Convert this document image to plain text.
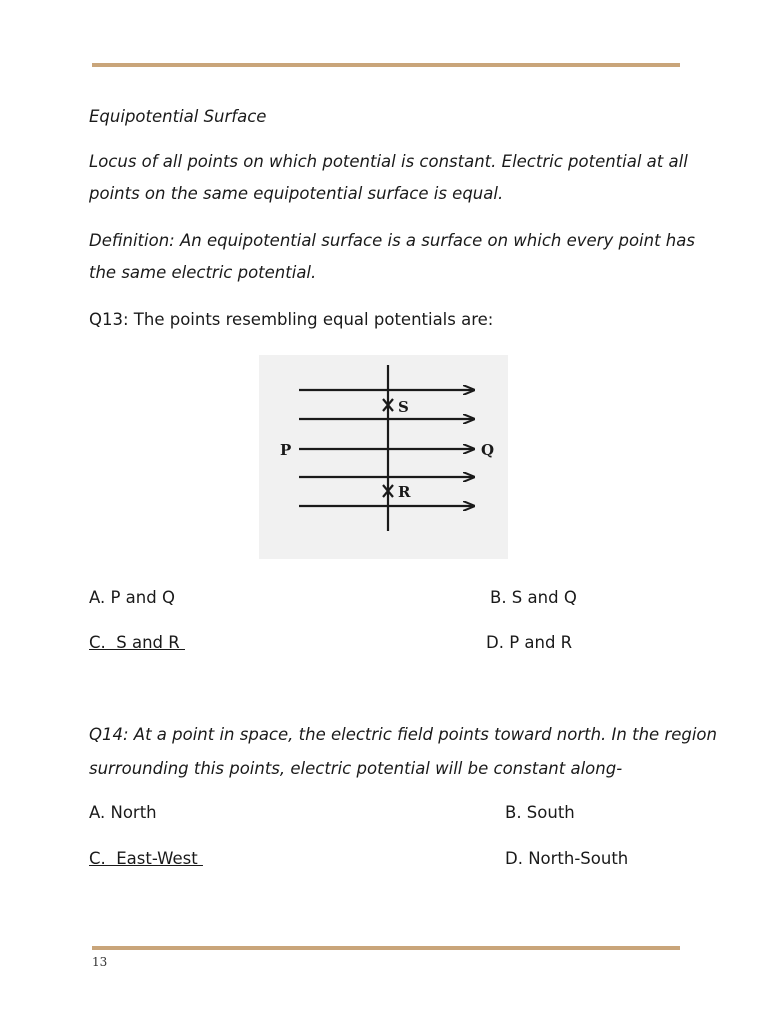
Equipotential Surface

Locus of all points on which potential is constant. Electric potential at all

points on the same equipotential surface is equal.

Definition: An equipotential surface is a surface on which every point has

the same electric potential.

Q13: The points resembling equal potentials are:

S
R
P	Q
A. P and Q	B. S and Q
C.  S and R	D. P and R

Q14: At a point in space, the electric field points toward north. In the region

surrounding this points, electric potential will be constant along-

A. North	B. South
C.  East-West	D. North-South
13
